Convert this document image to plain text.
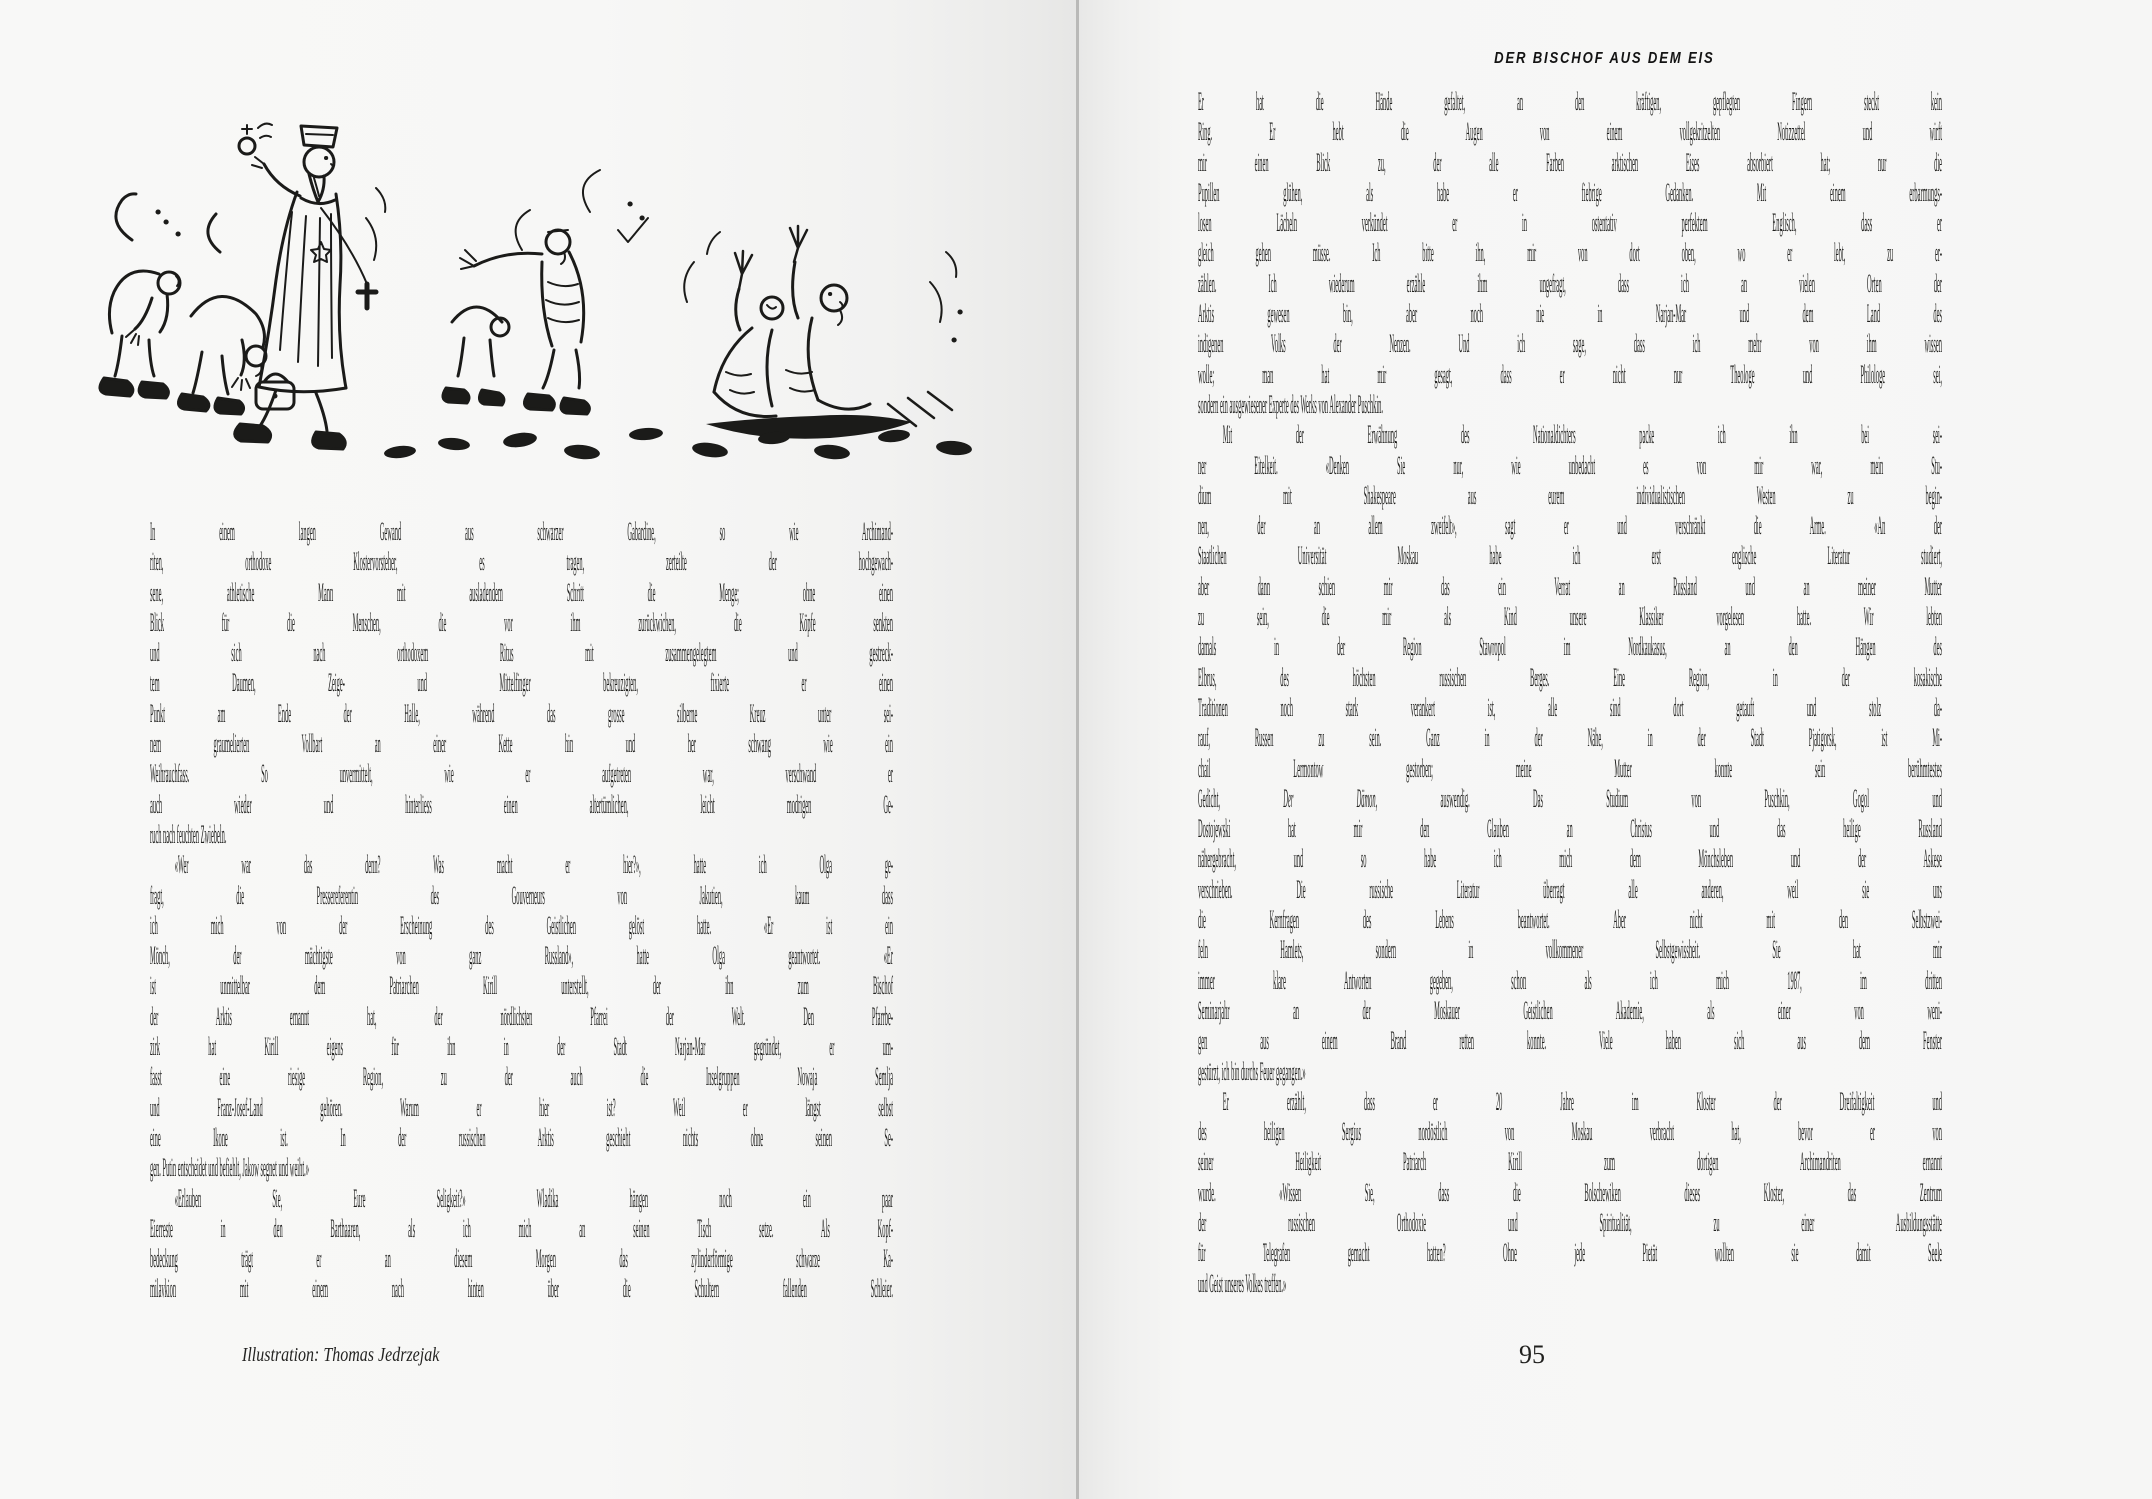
DER BISCHOF AUS DEM EIS
In einem langen Gewand aus schwarzer Gabardine, so wie Archimand-
riten, orthodoxe Klostervorsteher, es tragen, zerteilte der hochgewach-
sene, athletische Mann mit ausladendem Schritt die Menge; ohne einen
Blick für die Menschen, die vor ihm zurückwichen, die Köpfe senkten
und sich nach orthodoxem Ritus mit zusammengelegtem und gestreck-
tem Daumen, Zeige- und Mittelfinger bekreuzigten, fixierte er einen
Punkt am Ende der Halle, während das grosse silberne Kreuz unter sei-
nem graumelierten Vollbart an einer Kette hin und her schwang wie ein
Weihrauchfass. So unvermittelt, wie er aufgetreten war, verschwand er
auch wieder und hinterliess einen altertümlichen, leicht modrigen Ge-
ruch nach feuchten Zwiebeln.
«Wer war das denn? Was macht er hier?», hatte ich Olga ge-
fragt, die Pressereferentin des Gouverneurs von Jakutien, kaum dass
ich mich von der Erscheinung des Geistlichen gelöst hatte. «Er ist ein
Mönch, der mächtigste von ganz Russland», hatte Olga geantwortet. «Er
ist unmittelbar dem Patriarchen Kirill unterstellt, der ihn zum Bischof
der Arktis ernannt hat, der nördlichsten Pfarrei der Welt. Den Pfarrbe-
zirk hat Kirill eigens für ihn in der Stadt Narjan-Mar gegründet, er um-
fasst eine riesige Region, zu der auch die Inselgruppen Nowaja Semlja
und Franz-Josef-Land gehören. Warum er hier ist? Weil er längst selbst
eine Ikone ist. In der russischen Arktis geschieht nichts ohne seinen Se-
gen. Putin entscheidet und befiehlt, Jakow segnet und weiht.»
«Erlauben Sie, Eure Seligkeit?» Wladika hängen noch ein paar
Eierreste in den Barthaaren, als ich mich an seinen Tisch setze. Als Kopf-
bedeckung trägt er an diesem Morgen das zylinderförmige schwarze Ka-
milavkion mit einem nach hinten über die Schultern fallenden Schleier.
Er hat die Hände gefaltet, an den kräftigen, gepflegten Fingern steckt kein
Ring. Er hebt die Augen von einem vollgekritzelten Notizzettel und wirft
mir einen Blick zu, der alle Farben arktischen Eises absorbiert hat; nur die
Pupillen glühen, als habe er fiebrige Gedanken. Mit einem erbarmungs-
losen Lächeln verkündet er in ostentativ perfektem Englisch, dass er
gleich gehen müsse. Ich bitte ihn, mir von dort oben, wo er lebt, zu er-
zählen. Ich wiederum erzähle ihm ungefragt, dass ich an vielen Orten der
Arktis gewesen bin, aber noch nie in Narjan-Mar und dem Land des
indigenen Volks der Nenzen. Und ich sage, dass ich mehr von ihm wissen
wolle; man hat mir gesagt, dass er nicht nur Theologe und Philologe sei,
sondern ein ausgewiesener Experte des Werks von Alexander Puschkin.
Mit der Erwähnung des Nationaldichters packe ich ihn bei sei-
ner Eitelkeit. «Denken Sie nur, wie unbedacht es von mir war, mein Stu-
dium mit Shakespeare aus eurem individualistischen Westen zu begin-
nen, der an allem zweifelt», sagt er und verschränkt die Arme. «An der
Staatlichen Universität Moskau habe ich erst englische Literatur studiert,
aber dann schien mir das ein Verrat an Russland und an meiner Mutter
zu sein, die mir als Kind unsere Klassiker vorgelesen hatte. Wir lebten
damals in der Region Stawropol im Nordkaukasus, an den Hängen des
Elbrus, des höchsten russischen Berges. Eine Region, in der kosakische
Traditionen noch stark verankert ist, alle sind dort getauft und stolz da-
rauf, Russen zu sein. Ganz in der Nähe, in der Stadt Pjatigorsk, ist Mi-
chail Lermontow gestorben; meine Mutter konnte sein berühmtestes
Gedicht, Der Dämon, auswendig. Das Studium von Puschkin, Gogol und
Dostojewski hat mir den Glauben an Christus und das heilige Russland
nähergebracht, und so habe ich mich dem Mönchsleben und der Askese
verschrieben. Die russische Literatur überragt alle anderen, weil sie uns
die Kernfragen des Lebens beantwortet. Aber nicht mit den Selbstzwei-
feln Hamlets, sondern in vollkommener Selbstgewissheit. Sie hat mir
immer klare Antworten gegeben, schon als ich mich 1987, im dritten
Seminarjahr an der Moskauer Geistlichen Akademie, als einer von weni-
gen aus einem Brand retten konnte. Viele haben sich aus dem Fenster
gestürzt, ich bin durchs Feuer gegangen.»
Er erzählt, dass er 20 Jahre im Kloster der Dreifaltigkeit und
des heiligen Sergius nordöstlich von Moskau verbracht hat, bevor er von
seiner Heiligkeit Patriarch Kirill zum dortigen Archimandriten ernannt
wurde. «Wissen Sie, dass die Bolschewiken dieses Kloster, das Zentrum
der russischen Orthodoxie und Spiritualität, zu einer Ausbildungsstätte
für Telegrafen gemacht hatten? Ohne jede Pietät wollten sie damit Seele
und Geist unseres Volkes treffen.»
Illustration: Thomas Jedrzejak	95
